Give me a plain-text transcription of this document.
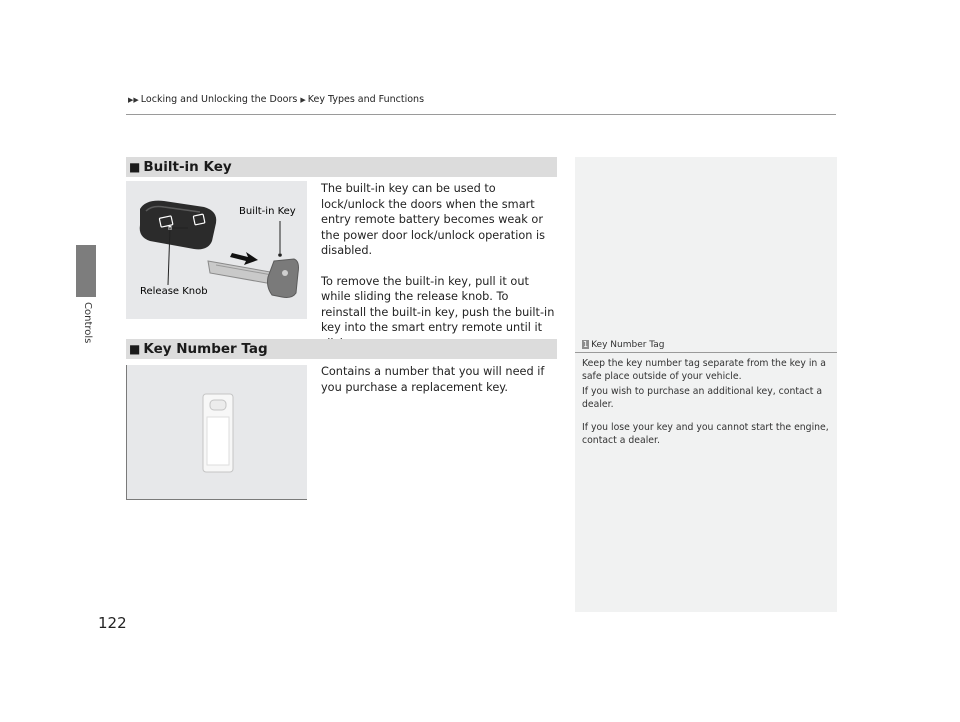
Controls
122
▶▶ Locking and Unlocking the Doors ▶ Key Types and Functions
■ Built-in Key
Built-in Key
Release Knob

The built-in key can be used to lock/unlock the doors when the smart entry remote battery becomes weak or the power door lock/unlock operation is disabled.

To remove the built-in key, pull it out while sliding the release knob. To reinstall the built-in key, push the built-in key into the smart entry remote until it

■ Key Number Tag

Contains a number that you will need if you purchase a replacement key.

1 Key Number Tag

Keep the key number tag separate from the key in a safe place outside of your vehicle.

If you wish to purchase an additional key, contact a dealer.

If you lose your key and you cannot start the engine, contact a dealer.
